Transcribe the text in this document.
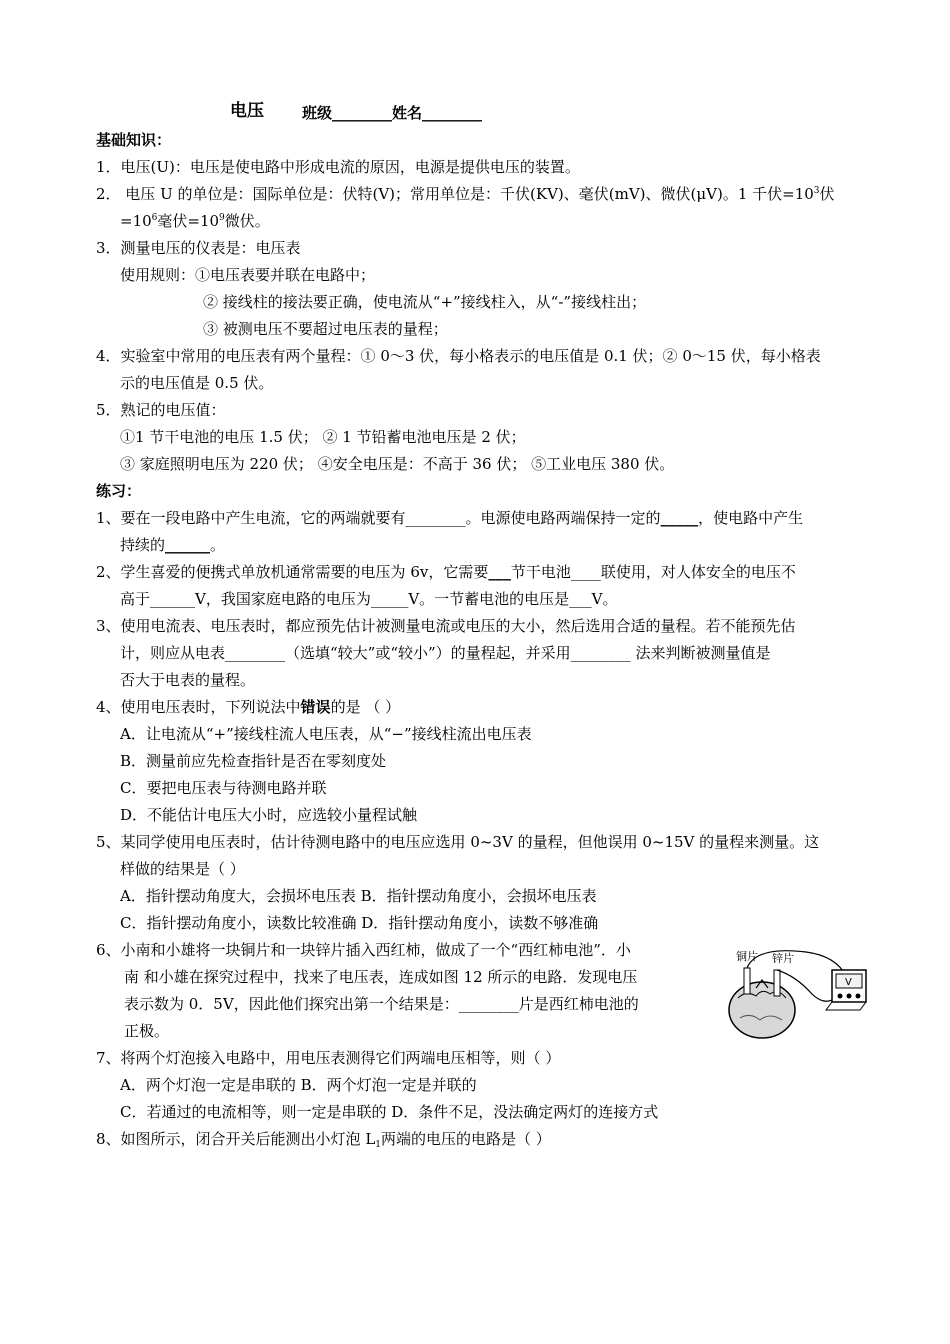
电压	班级________姓名________
基础知识：
1．电压(U)：电压是使电路中形成电流的原因，电源是提供电压的装置。
2． 电压 U 的单位是：国际单位是：伏特(V)；常用单位是：千伏(KV)、毫伏(mV)、微伏(μV)。1 千伏$=10^3$伏
$=10^6$毫伏$=10^9$微伏。
3．测量电压的仪表是：电压表
使用规则：①电压表要并联在电路中；
② 接线柱的接法要正确，使电流从“+”接线柱入，从“-”接线柱出；
③ 被测电压不要超过电压表的量程；
4．实验室中常用的电压表有两个量程：① 0～3 伏，每小格表示的电压值是 0.1 伏；② 0～15 伏，每小格表
示的电压值是 0.5 伏。
5．熟记的电压值：
①1 节干电池的电压 1.5 伏； ② 1 节铅蓄电池电压是 2 伏；
③ 家庭照明电压为 220 伏； ④安全电压是：不高于 36 伏； ⑤工业电压 380 伏。
练习：
1、要在一段电路中产生电流，它的两端就要有________。电源使电路两端保持一定的_____，使电路中产生
持续的______。
2、学生喜爱的便携式单放机通常需要的电压为 6v，它需要___节干电池____联使用，对人体安全的电压不
高于______V，我国家庭电路的电压为_____V。一节蓄电池的电压是___V。
3、使用电流表、电压表时，都应预先估计被测量电流或电压的大小，然后选用合适的量程。若不能预先估
计，则应从电表________（选填“较大”或“较小”）的量程起，并采用________ 法来判断被测量值是
否大于电表的量程。
4、使用电压表时，下列说法中错误的是 （ ）
A．让电流从“+”接线柱流人电压表，从“−”接线柱流出电压表
B．测量前应先检查指针是否在零刻度处
C．要把电压表与待测电路并联
D．不能估计电压大小时，应选较小量程试触
5、某同学使用电压表时，估计待测电路中的电压应选用 0~3V 的量程，但他误用 0~15V 的量程来测量。这
样做的结果是（ ）
A．指针摆动角度大，会损坏电压表 B．指针摆动角度小，会损坏电压表
C．指针摆动角度小，读数比较准确 D．指针摆动角度小，读数不够准确
6、小南和小雄将一块铜片和一块锌片插入西红柿，做成了一个“西红柿电池”．小
南 和小雄在探究过程中，找来了电压表，连成如图 12 所示的电路．发现电压
表示数为 0．5V，因此他们探究出第一个结果是：________片是西红柿电池的
正极。
铜片 锌片
V
7、将两个灯泡接入电路中，用电压表测得它们两端电压相等，则（ ）
A．两个灯泡一定是串联的 B．两个灯泡一定是并联的
C．若通过的电流相等，则一定是串联的 D．条件不足，没法确定两灯的连接方式
8、如图所示，闭合开关后能测出小灯泡 $L_1$两端的电压的电路是（ ）
